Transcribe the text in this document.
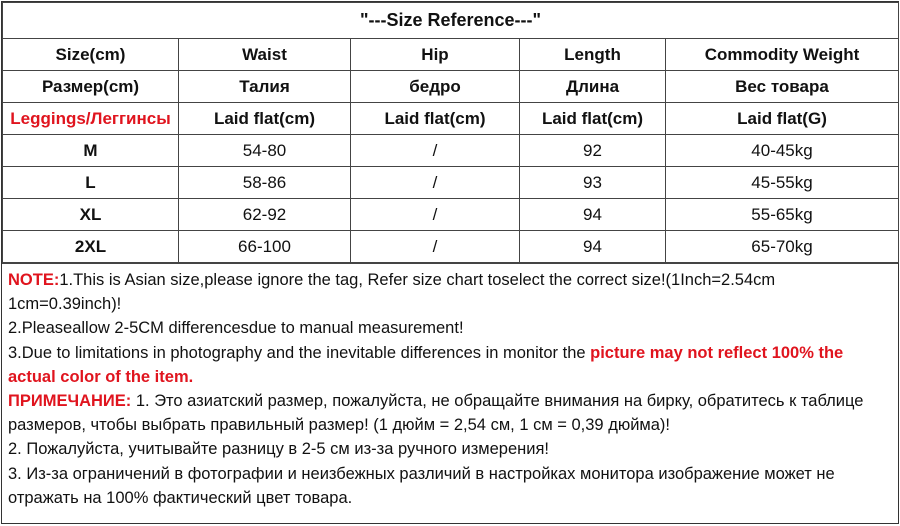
"---Size Reference---"				
Size(cm)	Waist	Hip	Length	Commodity Weight
Размер(cm)	Талия	бедро	Длина	Вес товара
Leggings/Леггинсы	Laid flat(cm)	Laid flat(cm)	Laid flat(cm)	Laid flat(G)
M	54-80	/	92	40-45kg
L	58-86	/	93	45-55kg
XL	62-92	/	94	55-65kg
2XL	66-100	/	94	65-70kg

NOTE:1.This is Asian size,please ignore the tag, Refer size chart toselect the correct size!(1Inch=2.54cm 1cm=0.39inch)!

2.Pleaseallow 2-5CM differencesdue to manual measurement!

3.Due to limitations in photography and the inevitable differences in monitor the picture may not reflect 100% the actual color of the item.

ПРИМЕЧАНИЕ: 1. Это азиатский размер, пожалуйста, не обращайте внимания на бирку, обратитесь к таблице размеров, чтобы выбрать правильный размер! (1 дюйм = 2,54 см, 1 см = 0,39 дюйма)!

2. Пожалуйста, учитывайте разницу в 2-5 см из-за ручного измерения!

3. Из-за ограничений в фотографии и неизбежных различий в настройках монитора изображение может не отражать на 100% фактический цвет товара.
